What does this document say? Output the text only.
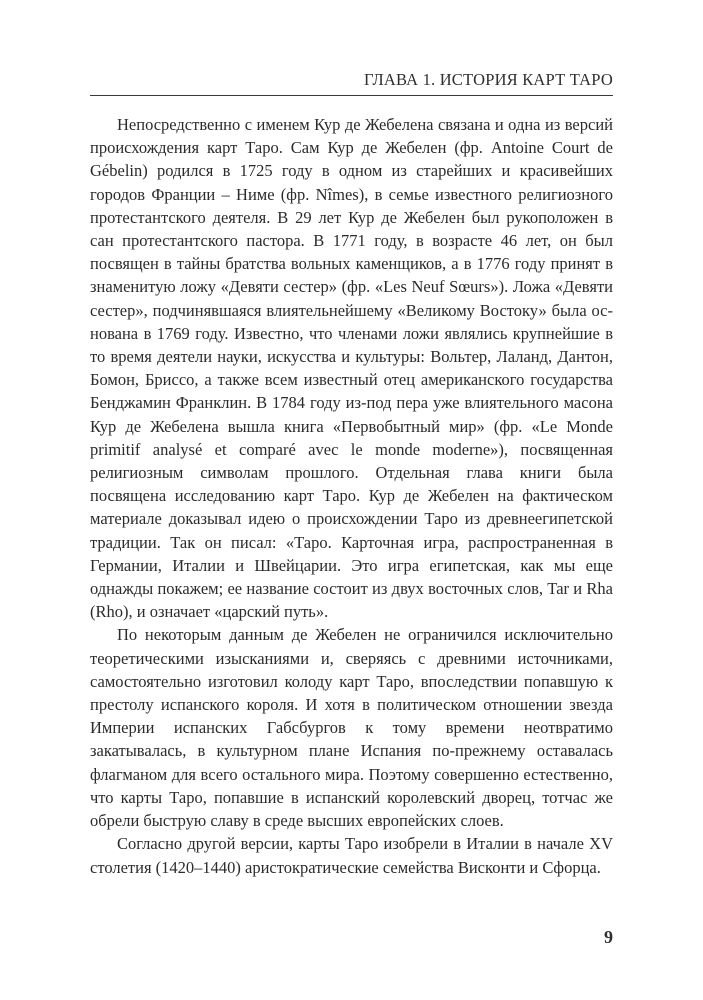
ГЛАВА 1. ИСТОРИЯ КАРТ ТАРО

Непосредственно с именем Кур де Жебелена связана и одна из версий происхождения карт Таро. Сам Кур де Жебелен (фр. Antoine Court de Gébelin) родился в 1725 году в одном из старейших и красивейших городов Франции – Ниме (фр. Nîmes), в семье известного религиозного протестантского деятеля. В 29 лет Кур де Жебелен был рукоположен в сан протестантского пастора. В 1771 году, в возрасте 46 лет, он был посвящен в тайны братства вольных каменщиков, а в 1776 году принят в знаменитую ложу «Девяти сестер» (фр. «Les Neuf Sœurs»). Ложа «Девяти сестер», подчинявшаяся влиятельнейшему «Великому Востоку» была основана в 1769 году. Известно, что членами ложи являлись крупнейшие в то время деятели науки, искусства и культуры: Вольтер, Лаланд, Дантон, Бомон, Бриссо, а также всем известный отец американского государства Бенджамин Франклин. В 1784 году из-под пера уже влиятельного масона Кур де Жебелена вышла книга «Первобытный мир» (фр. «Le Monde primitif analysé et comparé avec le monde moderne»), посвященная религиозным символам прошлого. Отдельная глава книги была посвящена исследованию карт Таро. Кур де Жебелен на фактическом материале доказывал идею о происхождении Таро из древнеегипетской традиции. Так он писал: «Таро. Карточная игра, распространенная в Германии, Италии и Швейцарии. Это игра египетская, как мы еще однажды покажем; ее название состоит из двух восточных слов, Tar и Rha (Rho), и означает «царский путь».

По некоторым данным де Жебелен не ограничился исключительно теоретическими изысканиями и, сверяясь с древними источниками, самостоятельно изготовил колоду карт Таро, впоследствии попавшую к престолу испанского короля. И хотя в политическом отношении звезда Империи испанских Габсбургов к тому времени неотвратимо закатывалась, в культурном плане Испания по-прежнему оставалась флагманом для всего остального мира. Поэтому совершенно естественно, что карты Таро, попавшие в испанский королевский дворец, тотчас же обрели быструю славу в среде высших европейских слоев.

Согласно другой версии, карты Таро изобрели в Италии в начале XV столетия (1420–1440) аристократические семейства Висконти и Сфорца.

9
